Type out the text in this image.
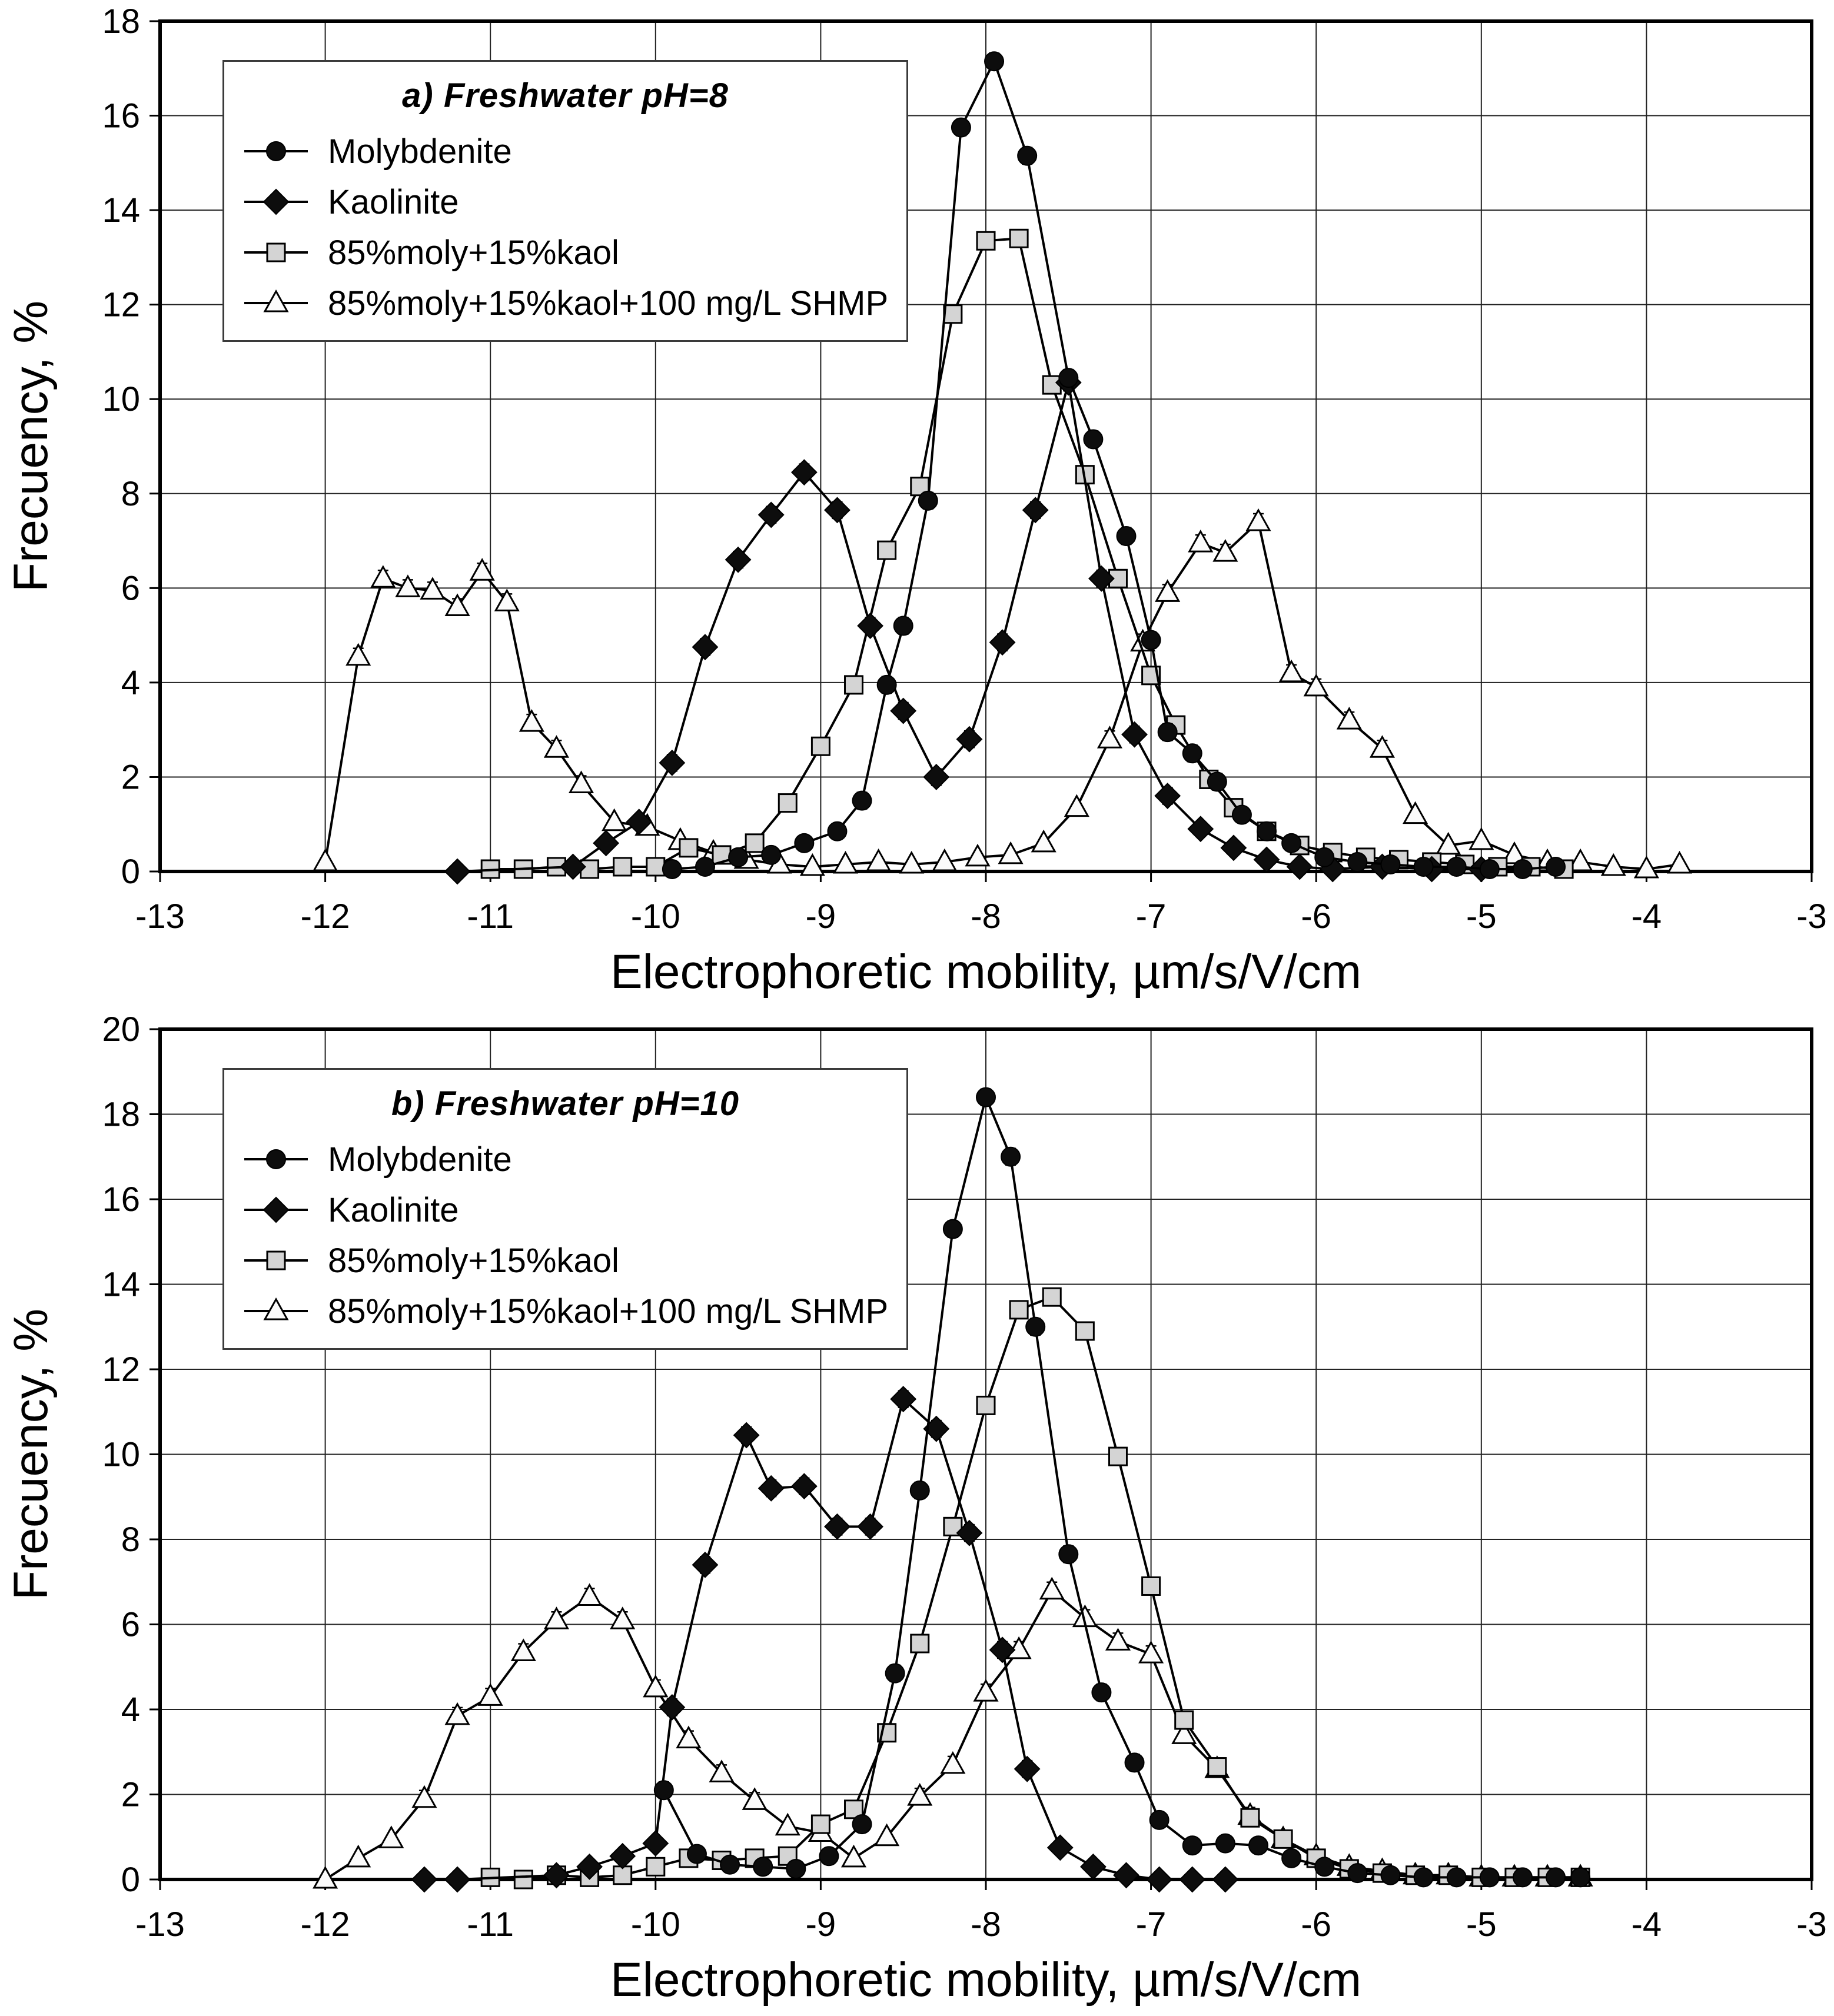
-13	-12	-11	-10	-9	-8	-7	-6	-5	-4	-3
0
2
4
6
8
10
12
14
16
18
Electrophoretic mobility, µm/s/V/cm
Frecuency, %
a) Freshwater pH=8
Molybdenite
Kaolinite
85%moly+15%kaol
85%moly+15%kaol+100 mg/L SHMP
-13	-12	-11	-10	-9	-8	-7	-6	-5	-4	-3
0
2
4
6
8
10
12
14
16
18
20
Electrophoretic mobility, µm/s/V/cm
Frecuency, %
b) Freshwater pH=10
Molybdenite
Kaolinite
85%moly+15%kaol
85%moly+15%kaol+100 mg/L SHMP
